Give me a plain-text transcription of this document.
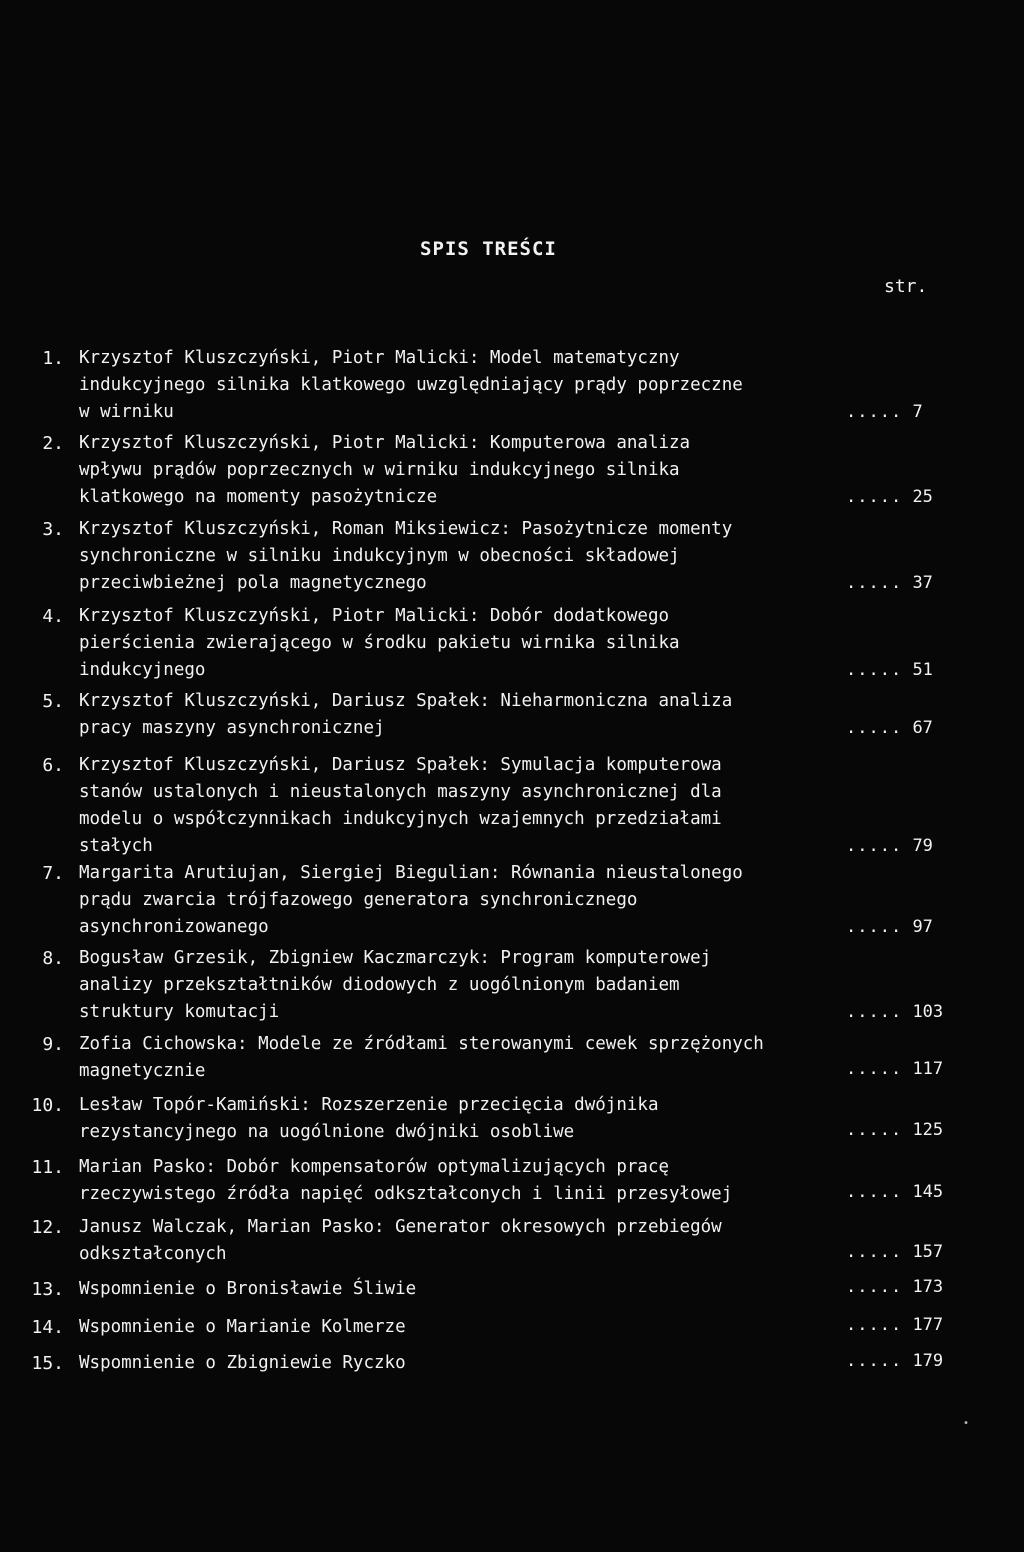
SPIS TREŚCI
str.
1. Krzysztof Kluszczyński, Piotr Malicki: Model matematyczny
indukcyjnego silnika klatkowego uwzględniający prądy poprzeczne
w wirniku	..... 7
2. Krzysztof Kluszczyński, Piotr Malicki: Komputerowa analiza
wpływu prądów poprzecznych w wirniku indukcyjnego silnika
klatkowego na momenty pasożytnicze	..... 25
3. Krzysztof Kluszczyński, Roman Miksiewicz: Pasożytnicze momenty
synchroniczne w silniku indukcyjnym w obecności składowej
przeciwbieżnej pola magnetycznego	..... 37
4. Krzysztof Kluszczyński, Piotr Malicki: Dobór dodatkowego
pierścienia zwierającego w środku pakietu wirnika silnika
indukcyjnego	..... 51
5. Krzysztof Kluszczyński, Dariusz Spałek: Nieharmoniczna analiza
pracy maszyny asynchronicznej	..... 67
6. Krzysztof Kluszczyński, Dariusz Spałek: Symulacja komputerowa
stanów ustalonych i nieustalonych maszyny asynchronicznej dla
modelu o współczynnikach indukcyjnych wzajemnych przedziałami
stałych	..... 79
7. Margarita Arutiujan, Siergiej Biegulian: Równania nieustalonego
prądu zwarcia trójfazowego generatora synchronicznego
asynchronizowanego	..... 97
8. Bogusław Grzesik, Zbigniew Kaczmarczyk: Program komputerowej
analizy przekształtników diodowych z uogólnionym badaniem
struktury komutacji	..... 103
9. Zofia Cichowska: Modele ze źródłami sterowanymi cewek sprzężonych
magnetycznie	..... 117
10. Lesław Topór-Kamiński: Rozszerzenie przecięcia dwójnika
rezystancyjnego na uogólnione dwójniki osobliwe	..... 125
11. Marian Pasko: Dobór kompensatorów optymalizujących pracę
rzeczywistego źródła napięć odkształconych i linii przesyłowej	..... 145
12. Janusz Walczak, Marian Pasko: Generator okresowych przebiegów
odkształconych	..... 157
13. Wspomnienie o Bronisławie Śliwie	..... 173
14. Wspomnienie o Marianie Kolmerze	..... 177
15. Wspomnienie o Zbigniewie Ryczko	..... 179
•
